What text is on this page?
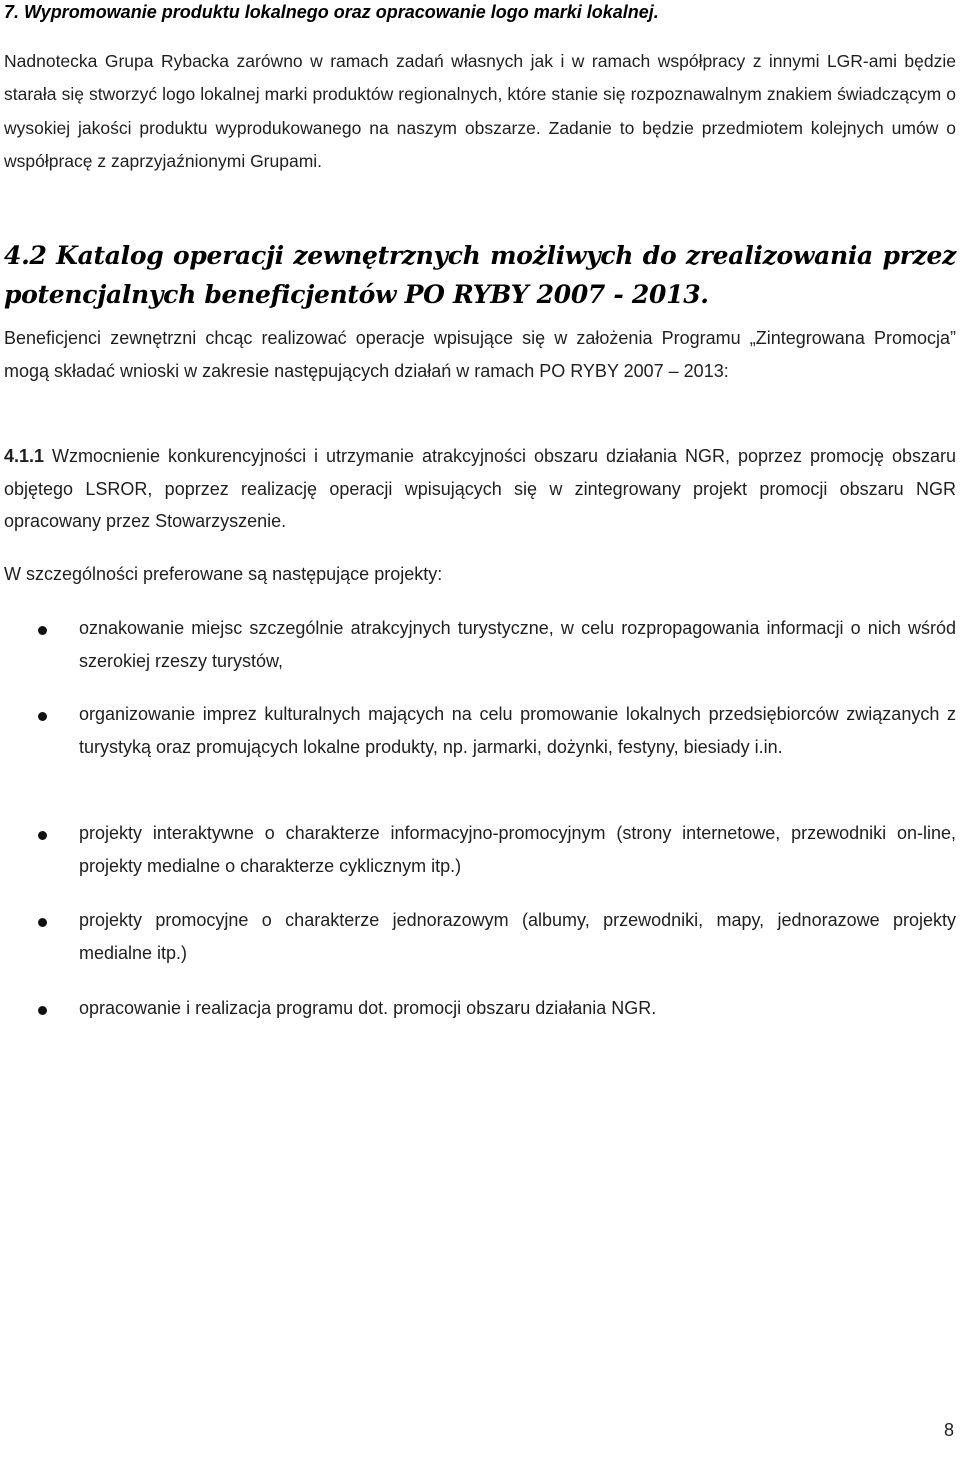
7. Wypromowanie produktu lokalnego oraz opracowanie logo marki lokalnej.

Nadnotecka Grupa Rybacka zarówno w ramach zadań własnych jak i w ramach współpracy z innymi LGR-ami będzie starała się stworzyć logo lokalnej marki produktów regionalnych, które stanie się rozpoznawalnym znakiem świadczącym o wysokiej jakości produktu wyprodukowanego na naszym obszarze. Zadanie to będzie przedmiotem kolejnych umów o współpracę z zaprzyjaźnionymi Grupami.

4.2 Katalog operacji zewnętrznych możliwych do zrealizowania przez potencjalnych beneficjentów PO RYBY 2007 - 2013.

Beneficjenci zewnętrzni chcąc realizować operacje wpisujące się w założenia Programu „Zintegrowana Promocja” mogą składać wnioski w zakresie następujących działań w ramach PO RYBY 2007 – 2013:

4.1.1 Wzmocnienie konkurencyjności i utrzymanie atrakcyjności obszaru działania NGR, poprzez promocję obszaru objętego LSROR, poprzez realizację operacji wpisujących się w zintegrowany projekt promocji obszaru NGR opracowany przez Stowarzyszenie.

W szczególności preferowane są następujące projekty:

oznakowanie miejsc szczególnie atrakcyjnych turystyczne, w celu rozpropagowania informacji o nich wśród szerokiej rzeszy turystów,
organizowanie imprez kulturalnych mających na celu promowanie lokalnych przedsiębiorców związanych z turystyką oraz promujących lokalne produkty, np. jarmarki, dożynki, festyny, biesiady i.in.
projekty interaktywne o charakterze informacyjno-promocyjnym (strony internetowe, przewodniki on-line, projekty medialne o charakterze cyklicznym itp.)
projekty promocyjne o charakterze jednorazowym (albumy, przewodniki, mapy, jednorazowe projekty medialne itp.)
opracowanie i realizacja programu dot. promocji obszaru działania NGR.
8
